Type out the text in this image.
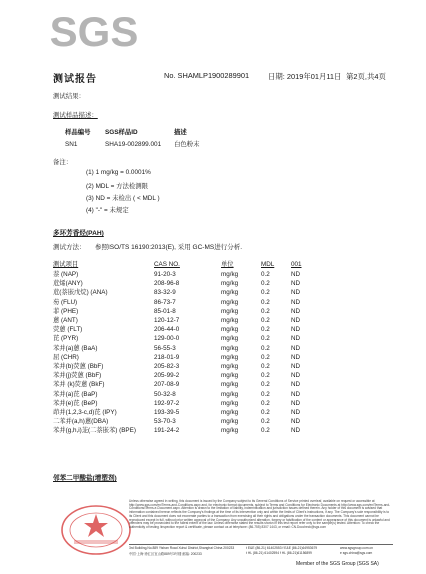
SGS
测试报告	No. SHAMLP1900289901	日期: 2019年01月11日 第2页,共4页
测试结果：
测试样品描述：
样品编号 SGS样品ID	描述
SN1	SHA19-002899.001 白色粉末
备注：
(1) 1 mg/kg = 0.0001%
(2) MDL = 方法检测限
(3) ND = 未检出 ( < MDL )
(4) "-" = 未规定
多环芳香烃(PAH)
测试方法： 参照ISO/TS 16190:2013(E), 采用 GC-MS进行分析.
测试项目	CAS NO.	单位	MDL	001
萘 (NAP)	91-20-3	mg/kg	0.2	ND
苊烯(ANY)	208-96-8	mg/kg	0.2	ND
苊(萘嵌戊烷) (ANA)	83-32-9	mg/kg	0.2	ND
芴 (FLU)	86-73-7	mg/kg	0.2	ND
菲 (PHE)	85-01-8	mg/kg	0.2	ND
蒽 (ANT)	120-12-7	mg/kg	0.2	ND
荧蒽 (FLT)	206-44-0	mg/kg	0.2	ND
芘 (PYR)	129-00-0	mg/kg	0.2	ND
苯并(a)蒽 (BaA)	56-55-3	mg/kg	0.2	ND
屈 (CHR)	218-01-9	mg/kg	0.2	ND
苯并(b)荧蒽 (BbF)	205-82-3	mg/kg	0.2	ND
苯并(j)荧蒽 (BbF)	205-99-2	mg/kg	0.2	ND
苯并 (k)荧蒽 (BkF)	207-08-9	mg/kg	0.2	ND
苯并(a)芘 (BaP)	50-32-8	mg/kg	0.2	ND
苯并(e)芘 (BeP)	192-97-2	mg/kg	0.2	ND
茚并(1,2,3-c,d)芘 (IPY)	193-39-5	mg/kg	0.2	ND
二苯并(a,h)蒽(DBA)	53-70-3	mg/kg	0.2	ND
苯并(g,h,i)苝(二萘嵌苯) (BPE)	191-24-2	mg/kg	0.2	ND
邻苯二甲酸盐(增塑剂)
Unless otherwise agreed in writing, this document is issued by the Company subject to its General Conditions of Service printed overleaf, available on request or accessible at http://www.sgs.com/en/Terms-and-Conditions.aspx and, for electronic format documents, subject to Terms and Conditions for Electronic Documents at http://www.sgs.com/en/Terms-and-Conditions/Terms-e-Document.aspx. Attention is drawn to the limitation of liability, indemnification and jurisdiction issues defined therein. Any holder of this document is advised that information contained hereon reflects the Company's findings at the time of its intervention only and within the limits of Client's instructions, if any. The Company's sole responsibility is to its Client and this document does not exonerate parties to a transaction from exercising all their rights and obligations under the transaction documents. This document cannot be reproduced except in full, without prior written approval of the Company. Any unauthorized alteration, forgery or falsification of the content or appearance of this document is unlawful and offenders may be prosecuted to the fullest extent of the law. Unless otherwise stated the results shown in this test report refer only to the sample(s) tested. Attention: To check the authenticity of testing /inspection report & certificate, please contact us at telephone: (86-755) 8307 1443, or email: CN.Doccheck@sgs.com
3rd Building,No.889 Yishan Road Xuhui District,Shanghai China 200233
中国·上海·徐汇区宜山路889号3号楼 邮编: 200233
t E&E (86-21) 61402553 f E&E (86-21)64953679
t HL (86-21) 61402594 f HL (86-21)61156899
www.sgsgroup.com.cn
e sgs.china@sgs.com
Member of the SGS Group (SGS SA)
